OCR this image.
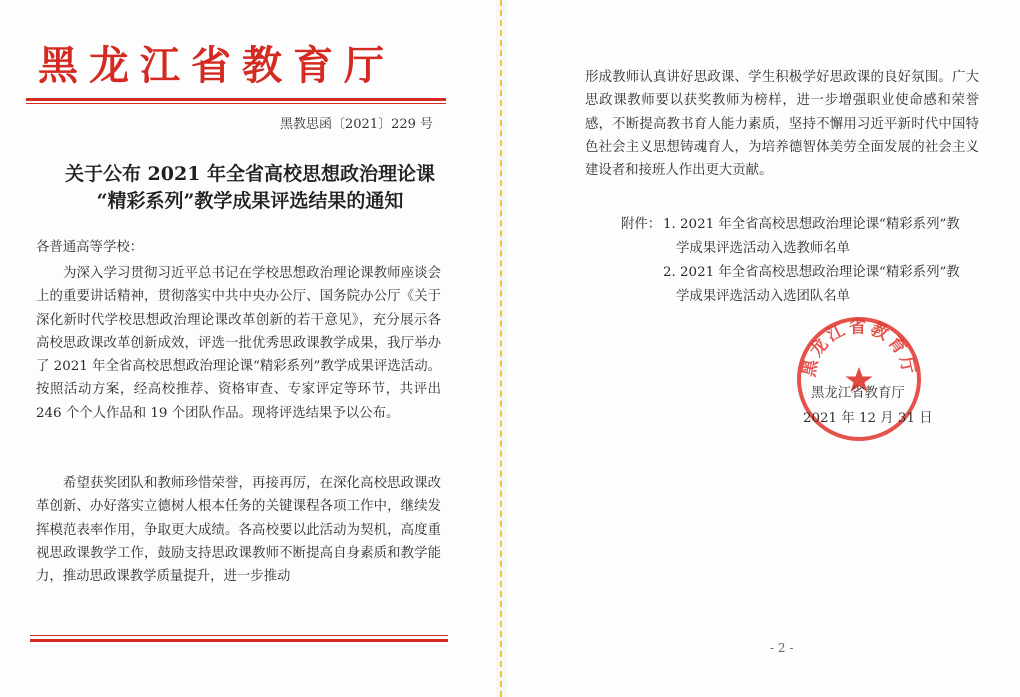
黑龙江省教育厅
黑教思函〔2021〕229 号
关于公布 2021 年全省高校思想政治理论课
“精彩系列”教学成果评选结果的通知
各普通高等学校：
为深入学习贯彻习近平总书记在学校思想政治理论课教师座谈会上的重要讲话精神，贯彻落实中共中央办公厅、国务院办公厅《关于深化新时代学校思想政治理论课改革创新的若干意见》，充分展示各高校思政课改革创新成效，评选一批优秀思政课教学成果，我厅举办了 2021 年全省高校思想政治理论课“精彩系列”教学成果评选活动。按照活动方案，经高校推荐、资格审查、专家评定等环节，共评出 246 个个人作品和 19 个团队作品。现将评选结果予以公布。
希望获奖团队和教师珍惜荣誉，再接再厉，在深化高校思政课改革创新、办好落实立德树人根本任务的关键课程各项工作中，继续发挥模范表率作用，争取更大成绩。各高校要以此活动为契机，高度重视思政课教学工作，鼓励支持思政课教师不断提高自身素质和教学能力，推动思政课教学质量提升，进一步推动
形成教师认真讲好思政课、学生积极学好思政课的良好氛围。广大思政课教师要以获奖教师为榜样，进一步增强职业使命感和荣誉感，不断提高教书育人能力素质，坚持不懈用习近平新时代中国特色社会主义思想铸魂育人，为培养德智体美劳全面发展的社会主义建设者和接班人作出更大贡献。
附件： 1. 2021 年全省高校思想政治理论课“精彩系列”教
学成果评选活动入选教师名单
2. 2021 年全省高校思想政治理论课“精彩系列”教
学成果评选活动入选团队名单
黑龙江省教育厅
黑龙江省教育厅
2021 年 12 月 31 日
- 2 -
